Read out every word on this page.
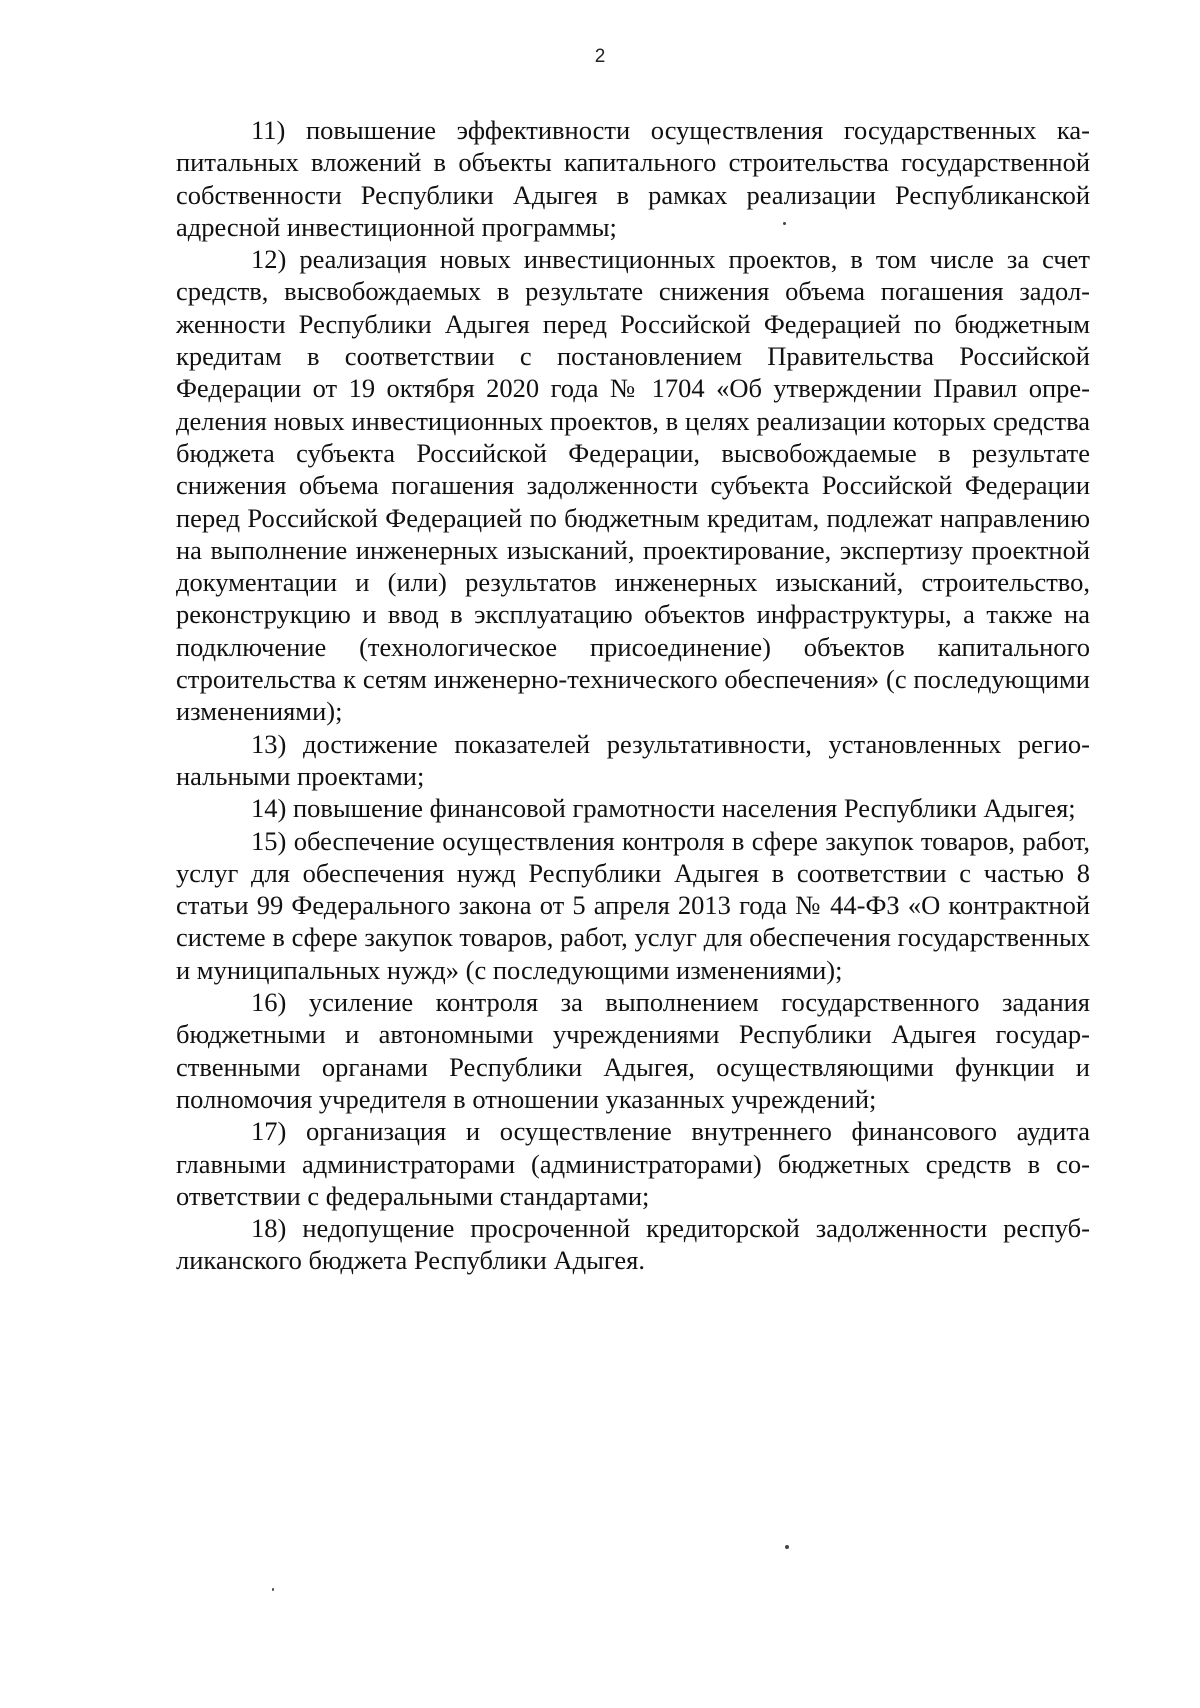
2

11) повышение эффективности осуществления государственных капитальных вложений в объекты капитального строительства государственной собственности Республики Адыгея в рамках реализации Республиканской адресной инвестиционной программы;

12) реализация новых инвестиционных проектов, в том числе за счет средств, высвобождаемых в результате снижения объема погашения задолженности Республики Адыгея перед Российской Федерацией по бюджетным кредитам в соответствии с постановлением Правительства Российской Федерации от 19 октября 2020 года № 1704 «Об утверждении Правил определения новых инвестиционных проектов, в целях реализации которых средства бюджета субъекта Российской Федерации, высвобождаемые в результате снижения объема погашения задолженности субъекта Российской Федерации перед Российской Федерацией по бюджетным кредитам, подлежат направлению на выполнение инженерных изысканий, проектирование, экспертизу проектной документации и (или) результатов инженерных изысканий, строительство, реконструкцию и ввод в эксплуатацию объектов инфраструктуры, а также на подключение (технологическое присоединение) объектов капитального строительства к сетям инженерно-технического обеспечения» (с последующими изменениями);

13) достижение показателей результативности, установленных региональными проектами;

14) повышение финансовой грамотности населения Республики Адыгея;

15) обеспечение осуществления контроля в сфере закупок товаров, работ, услуг для обеспечения нужд Республики Адыгея в соответствии с частью 8 статьи 99 Федерального закона от 5 апреля 2013 года № 44-ФЗ «О контрактной системе в сфере закупок товаров, работ, услуг для обеспечения государственных и муниципальных нужд» (с последующими изменениями);

16) усиление контроля за выполнением государственного задания бюджетными и автономными учреждениями Республики Адыгея государственными органами Республики Адыгея, осуществляющими функции и полномочия учредителя в отношении указанных учреждений;

17) организация и осуществление внутреннего финансового аудита главными администраторами (администраторами) бюджетных средств в соответствии с федеральными стандартами;

18) недопущение просроченной кредиторской задолженности республиканского бюджета Республики Адыгея.
